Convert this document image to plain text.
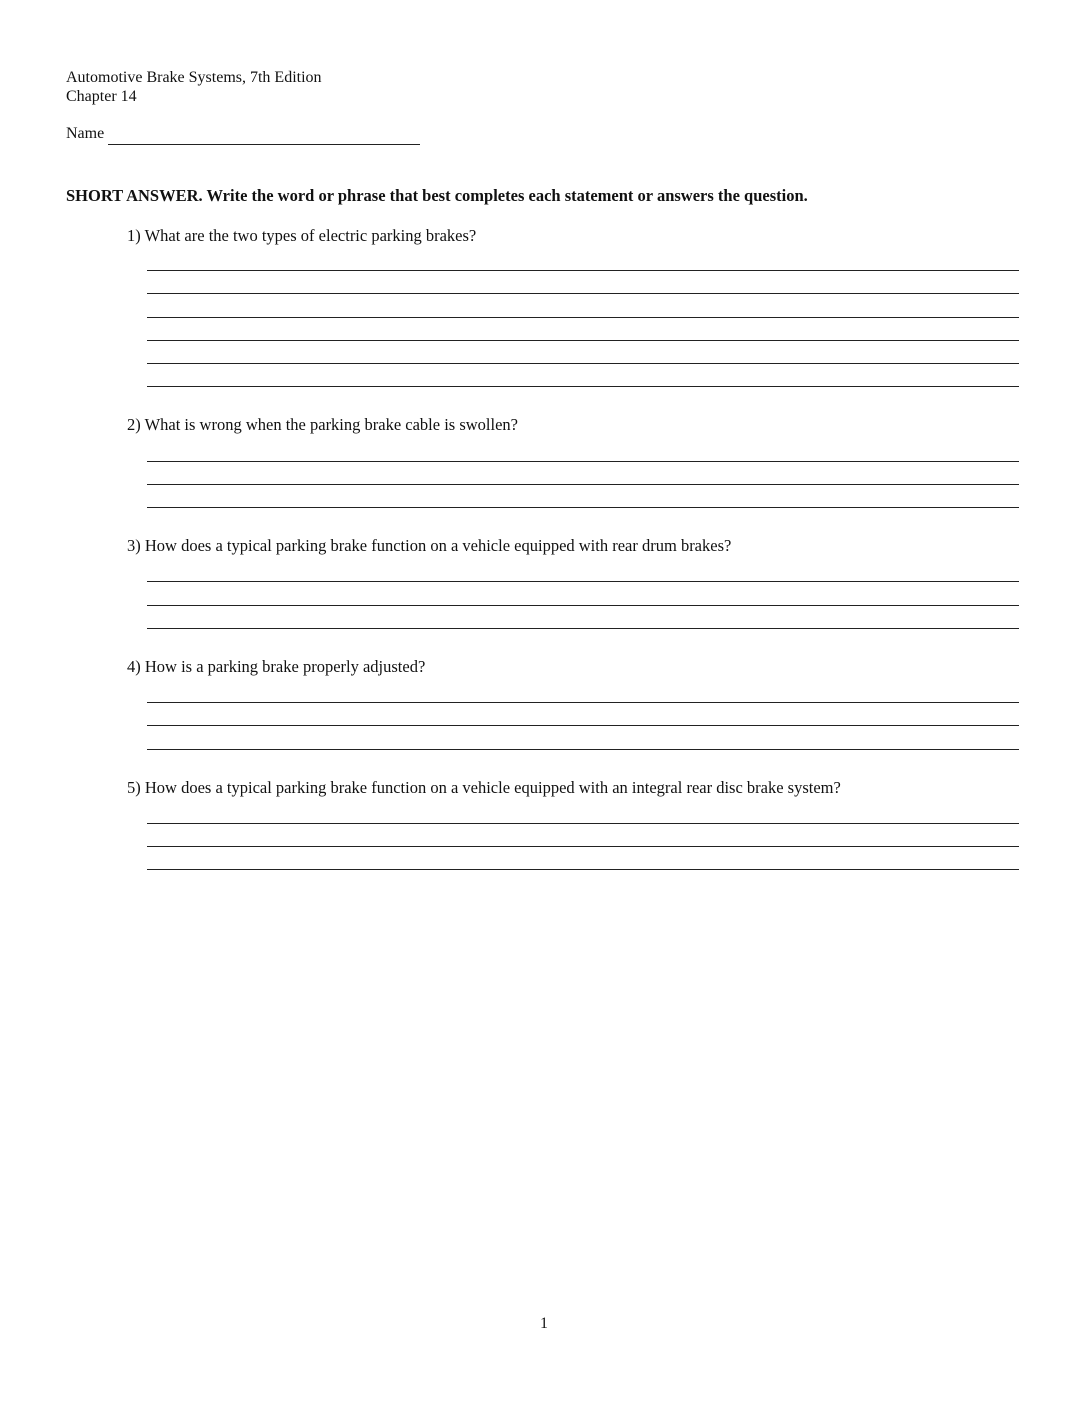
Automotive Brake Systems, 7th Edition
Chapter 14
Name
SHORT ANSWER. Write the word or phrase that best completes each statement or answers the question.
1) What are the two types of electric parking brakes?
2) What is wrong when the parking brake cable is swollen?
3) How does a typical parking brake function on a vehicle equipped with rear drum brakes?
4) How is a parking brake properly adjusted?
5) How does a typical parking brake function on a vehicle equipped with an integral rear disc brake system?
1
